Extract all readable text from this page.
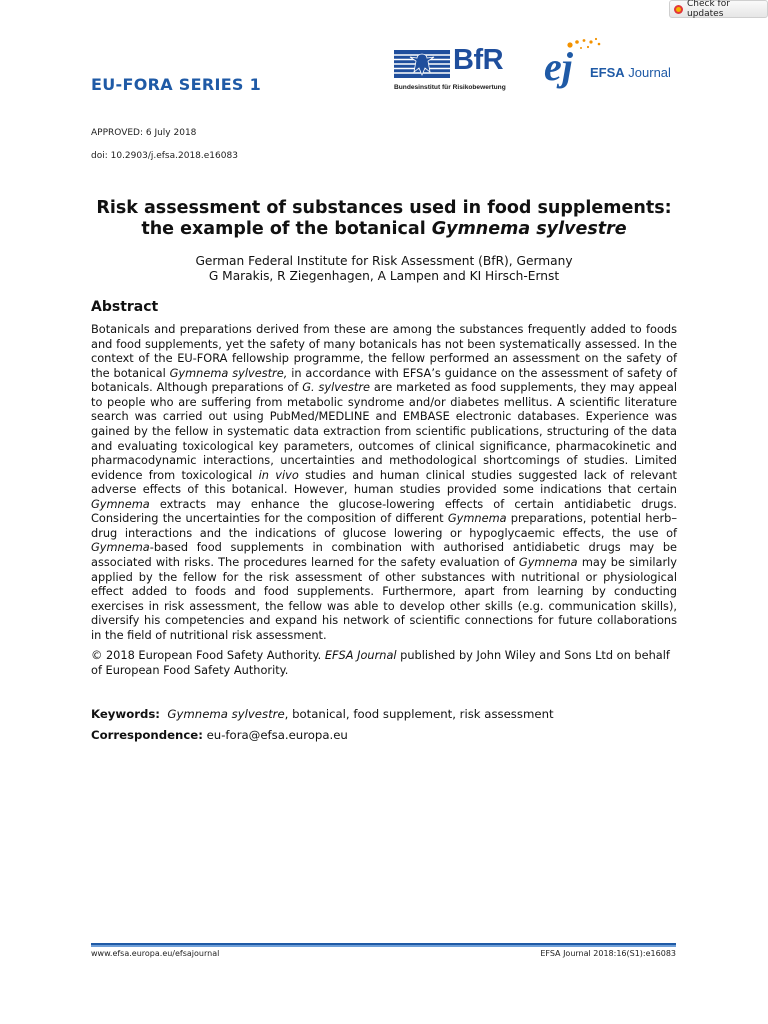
Check for updates
EU-FORA SERIES 1
BfR
Bundesinstitut für Risikobewertung ej EFSA Journal
APPROVED: 6 July 2018
doi: 10.2903/j.efsa.2018.e16083
Risk assessment of substances used in food supplements:
the example of the botanical Gymnema sylvestre
German Federal Institute for Risk Assessment (BfR), Germany
G Marakis, R Ziegenhagen, A Lampen and KI Hirsch-Ernst
Abstract

Botanicals and preparations derived from these are among the substances frequently added to foods and food supplements, yet the safety of many botanicals has not been systematically assessed. In the context of the EU-FORA fellowship programme, the fellow performed an assessment on the safety of the botanical Gymnema sylvestre, in accordance with EFSA’s guidance on the assessment of safety of botanicals. Although preparations of G. sylvestre are marketed as food supplements, they may appeal to people who are suffering from metabolic syndrome and/or diabetes mellitus. A scientific literature search was carried out using PubMed/MEDLINE and EMBASE electronic databases. Experience was gained by the fellow in systematic data extraction from scientific publications, structuring of the data and evaluating toxicological key parameters, outcomes of clinical significance, pharmacokinetic and pharmacodynamic interactions, uncertainties and methodological shortcomings of studies. Limited evidence from toxicological in vivo studies and human clinical studies suggested lack of relevant adverse effects of this botanical. However, human studies provided some indications that certain Gymnema extracts may enhance the glucose-lowering effects of certain antidiabetic drugs. Considering the uncertainties for the composition of different Gymnema preparations, potential herb–drug interactions and the indications of glucose lowering or hypoglycaemic effects, the use of Gymnema-based food supplements in combination with authorised antidiabetic drugs may be associated with risks. The procedures learned for the safety evaluation of Gymnema may be similarly applied by the fellow for the risk assessment of other substances with nutritional or physiological effect added to foods and food supplements. Furthermore, apart from learning by conducting exercises in risk assessment, the fellow was able to develop other skills (e.g. communication skills), diversify his competencies and expand his network of scientific connections for future collaborations in the field of nutritional risk assessment.

© 2018 European Food Safety Authority. EFSA Journal published by John Wiley and Sons Ltd on behalf of European Food Safety Authority.
Keywords: Gymnema sylvestre, botanical, food supplement, risk assessment
Correspondence: eu-fora@efsa.europa.eu
www.efsa.europa.eu/efsajournal	EFSA Journal 2018:16(S1):e16083
